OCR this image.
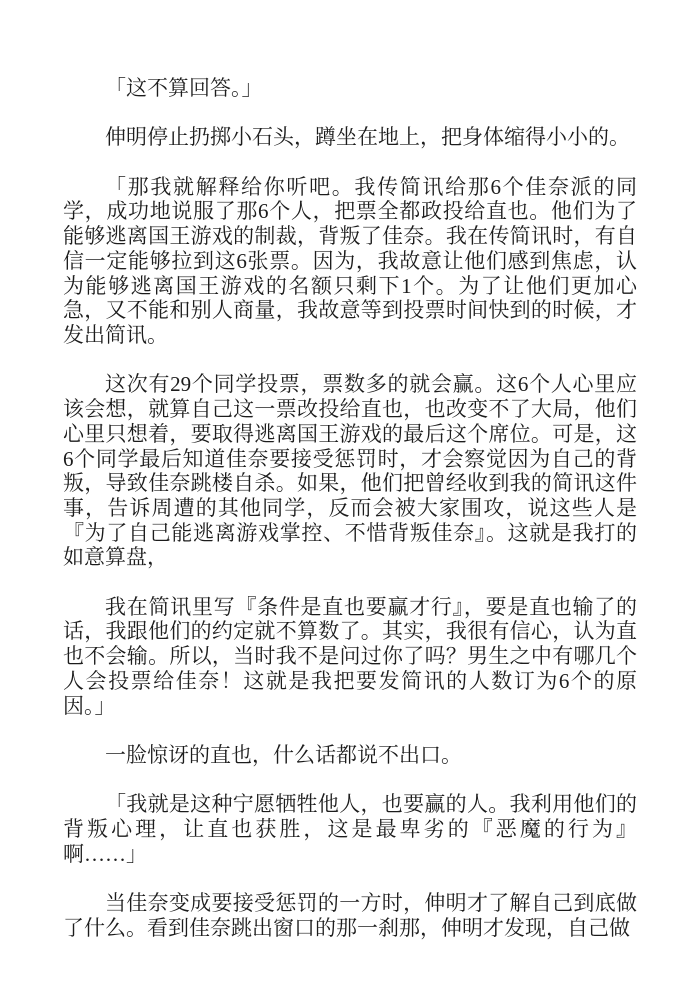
「这不算回答。」

伸明停止扔掷小石头，蹲坐在地上，把身体缩得小小的。

「那我就解释给你听吧。我传简讯给那6个佳奈派的同学，成功地说服了那6个人，把票全都政投给直也。他们为了能够逃离国王游戏的制裁，背叛了佳奈。我在传简讯时，有自信一定能够拉到这6张票。因为，我故意让他们感到焦虑，认为能够逃离国王游戏的名额只剩下1个。为了让他们更加心急，又不能和别人商量，我故意等到投票时间快到的时候，才发出简讯。

这次有29个同学投票，票数多的就会赢。这6个人心里应该会想，就算自己这一票改投给直也，也改变不了大局，他们心里只想着，要取得逃离国王游戏的最后这个席位。可是，这6个同学最后知道佳奈要接受惩罚时，才会察觉因为自己的背叛，导致佳奈跳楼自杀。如果，他们把曾经收到我的简讯这件事，告诉周遭的其他同学，反而会被大家围攻，说这些人是『为了自己能逃离游戏掌控、不惜背叛佳奈』。这就是我打的如意算盘，

我在简讯里写『条件是直也要赢才行』，要是直也输了的话，我跟他们的约定就不算数了。其实，我很有信心，认为直也不会输。所以，当时我不是问过你了吗？男生之中有哪几个人会投票给佳奈！这就是我把要发简讯的人数订为6个的原因。」

一脸惊讶的直也，什么话都说不出口。

「我就是这种宁愿牺牲他人，也要赢的人。我利用他们的背叛心理，让直也获胜，这是最卑劣的『恶魔的行为』啊……」

当佳奈变成要接受惩罚的一方时，伸明才了解自己到底做了什么。看到佳奈跳出窗口的那一刹那，伸明才发现，自己做
